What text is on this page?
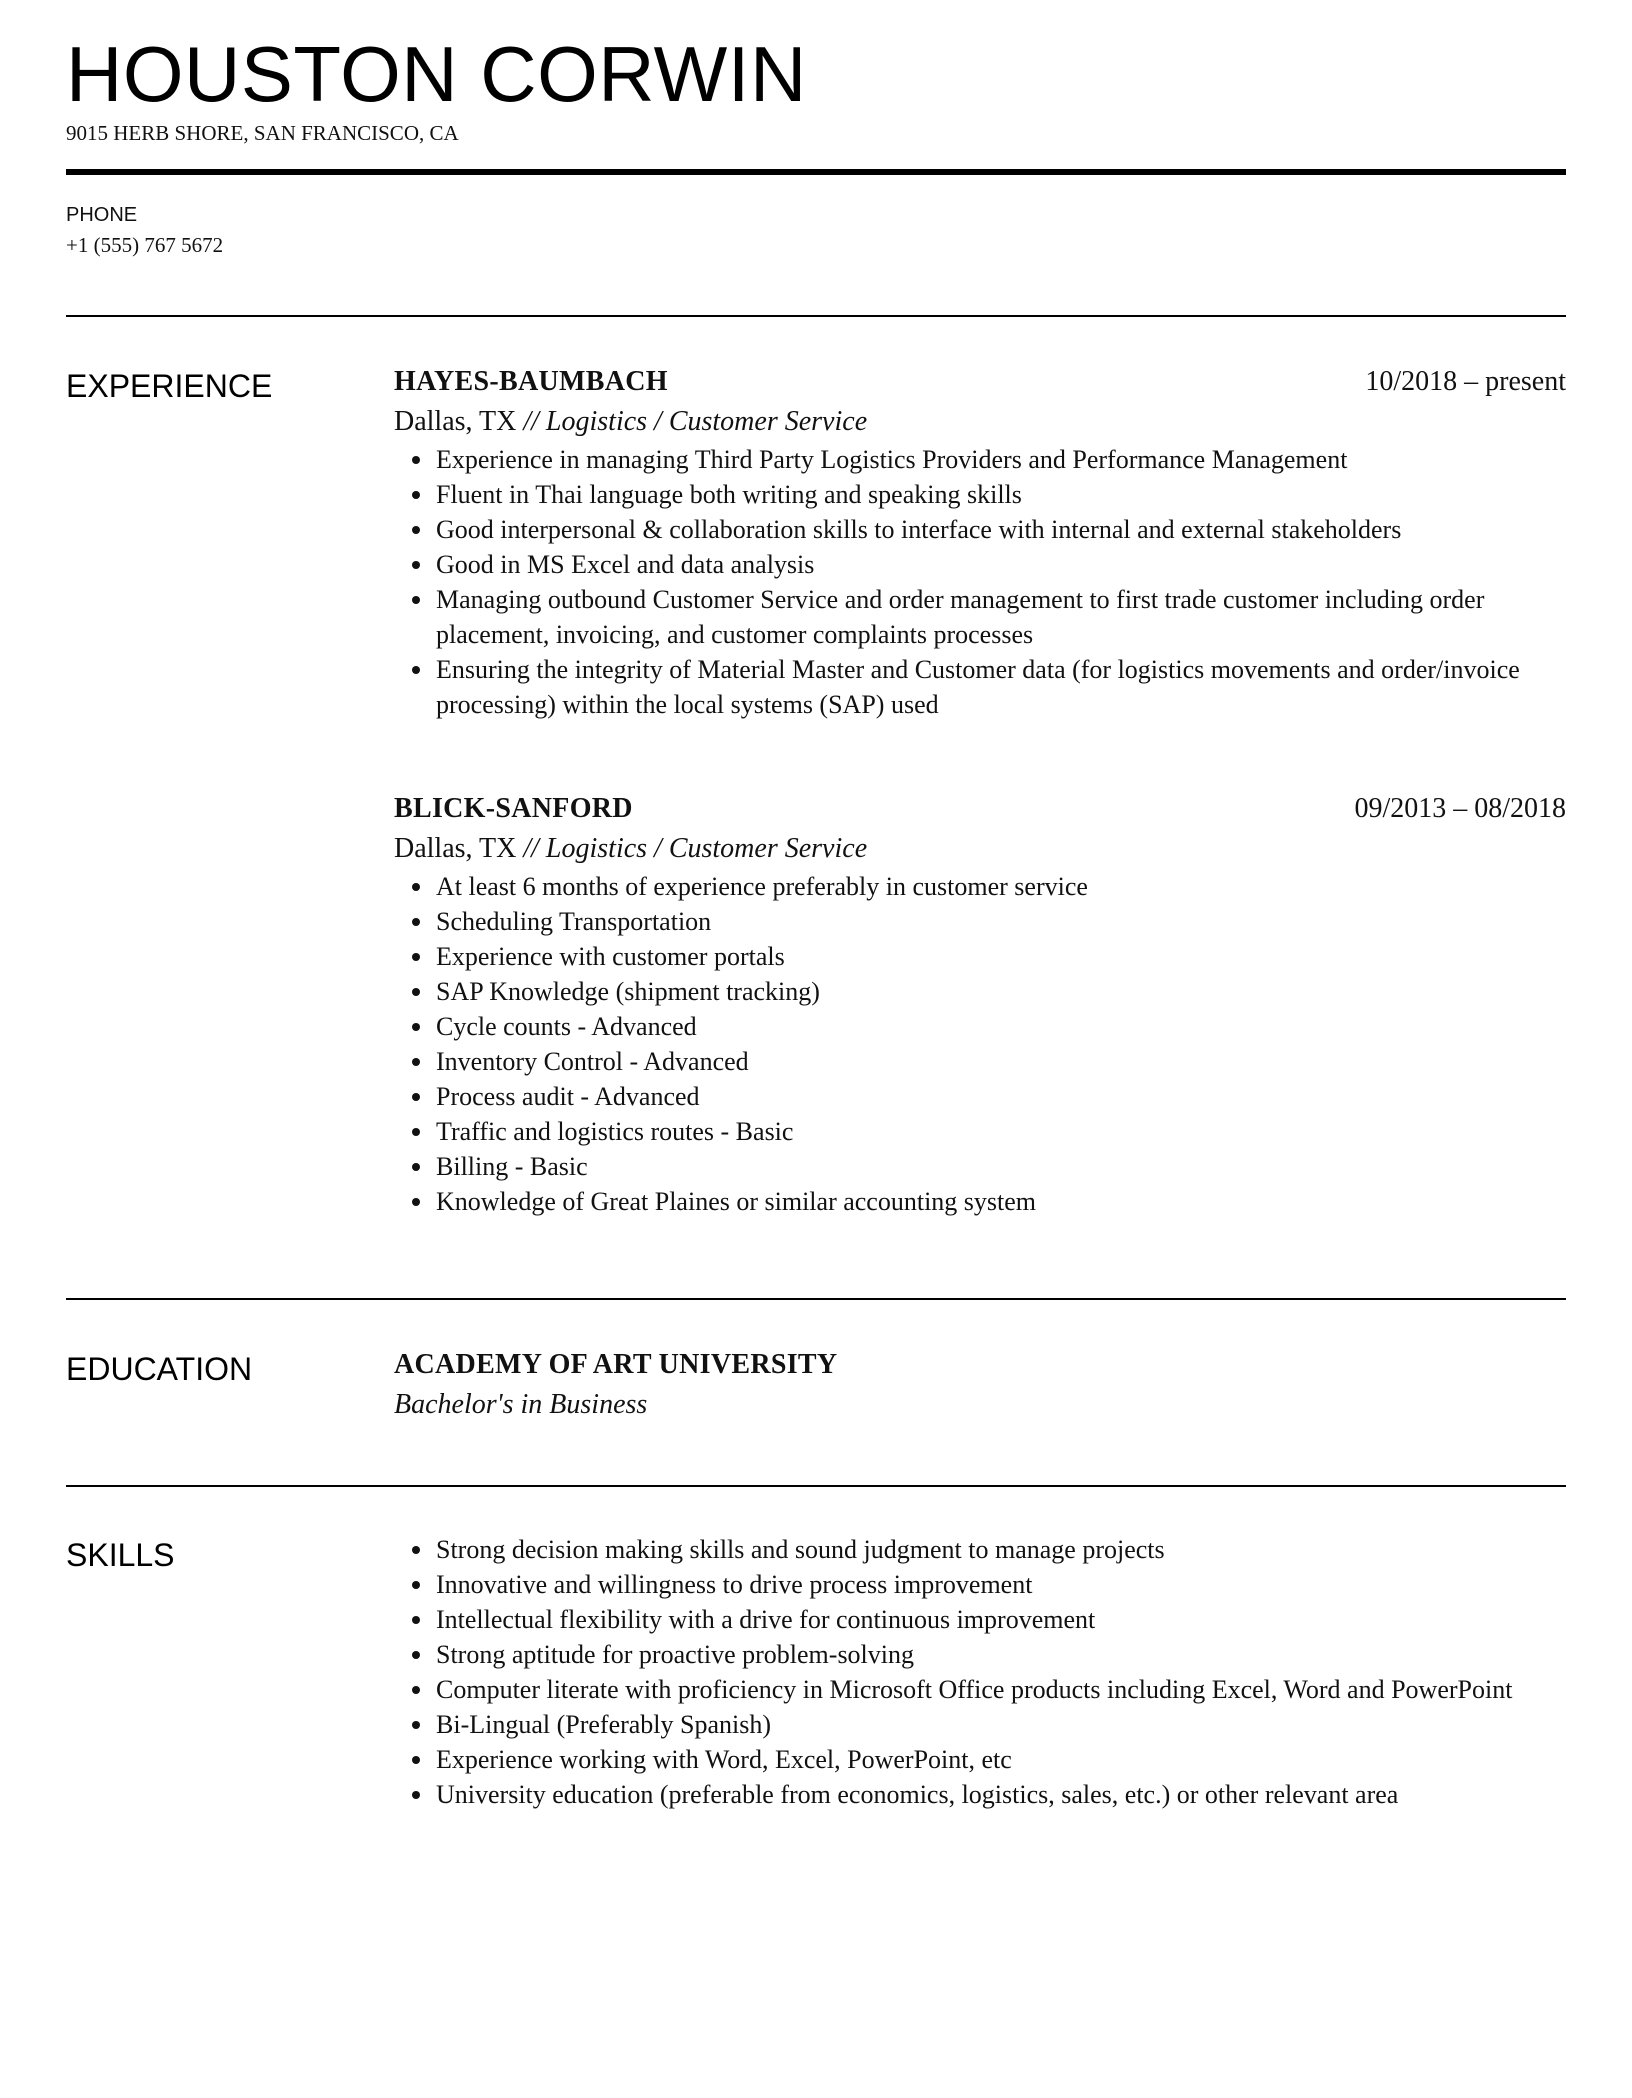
HOUSTON CORWIN
9015 HERB SHORE, SAN FRANCISCO, CA
PHONE
+1 (555) 767 5672
EXPERIENCE	HAYES-BAUMBACH	10/2018 – present
Dallas, TX // Logistics / Customer Service
Experience in managing Third Party Logistics Providers and Performance Management
Fluent in Thai language both writing and speaking skills
Good interpersonal & collaboration skills to interface with internal and external stakeholders
Good in MS Excel and data analysis
Managing outbound Customer Service and order management to first trade customer including order placement, invoicing, and customer complaints processes
Ensuring the integrity of Material Master and Customer data (for logistics movements and order/invoice processing) within the local systems (SAP) used
BLICK-SANFORD	09/2013 – 08/2018
Dallas, TX // Logistics / Customer Service
At least 6 months of experience preferably in customer service
Scheduling Transportation
Experience with customer portals
SAP Knowledge (shipment tracking)
Cycle counts - Advanced
Inventory Control - Advanced
Process audit - Advanced
Traffic and logistics routes - Basic
Billing - Basic
Knowledge of Great Plaines or similar accounting system
EDUCATION	ACADEMY OF ART UNIVERSITY
Bachelor's in Business
SKILLS	Strong decision making skills and sound judgment to manage projects
Innovative and willingness to drive process improvement
Intellectual flexibility with a drive for continuous improvement
Strong aptitude for proactive problem-solving
Computer literate with proficiency in Microsoft Office products including Excel, Word and PowerPoint
Bi-Lingual (Preferably Spanish)
Experience working with Word, Excel, PowerPoint, etc
University education (preferable from economics, logistics, sales, etc.) or other relevant area
